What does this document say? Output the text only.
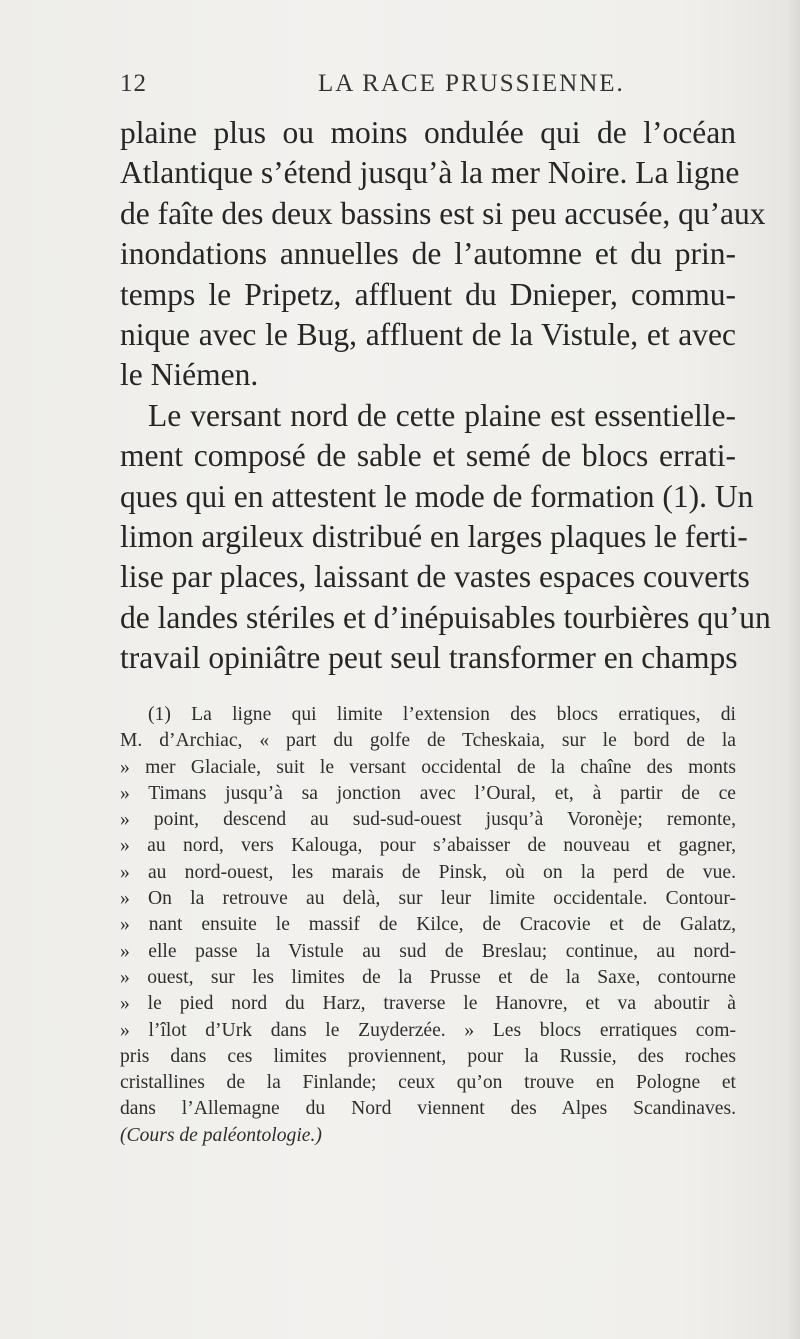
12	LA RACE PRUSSIENNE.
plaine plus ou moins ondulée qui de l’océan
Atlantique s’étend jusqu’à la mer Noire. La ligne
de faîte des deux bassins est si peu accusée, qu’aux
inondations annuelles de l’automne et du prin-
temps le Pripetz, affluent du Dnieper, commu-
nique avec le Bug, affluent de la Vistule, et avec
le Niémen.
Le versant nord de cette plaine est essentielle-
ment composé de sable et semé de blocs errati-
ques qui en attestent le mode de formation (1). Un
limon argileux distribué en larges plaques le ferti-
lise par places, laissant de vastes espaces couverts
de landes stériles et d’inépuisables tourbières qu’un
travail opiniâtre peut seul transformer en champs
(1) La ligne qui limite l’extension des blocs erratiques, di
M. d’Archiac, « part du golfe de Tcheskaia, sur le bord de la
» mer Glaciale, suit le versant occidental de la chaîne des monts
» Timans jusqu’à sa jonction avec l’Oural, et, à partir de ce
» point, descend au sud-sud-ouest jusqu’à Voronèje; remonte,
» au nord, vers Kalouga, pour s’abaisser de nouveau et gagner,
» au nord-ouest, les marais de Pinsk, où on la perd de vue.
» On la retrouve au delà, sur leur limite occidentale. Contour-
» nant ensuite le massif de Kilce, de Cracovie et de Galatz,
» elle passe la Vistule au sud de Breslau; continue, au nord-
» ouest, sur les limites de la Prusse et de la Saxe, contourne
» le pied nord du Harz, traverse le Hanovre, et va aboutir à
» l’îlot d’Urk dans le Zuyderzée. » Les blocs erratiques com-
pris dans ces limites proviennent, pour la Russie, des roches
cristallines de la Finlande; ceux qu’on trouve en Pologne et
dans l’Allemagne du Nord viennent des Alpes Scandinaves.
(Cours de paléontologie.)
